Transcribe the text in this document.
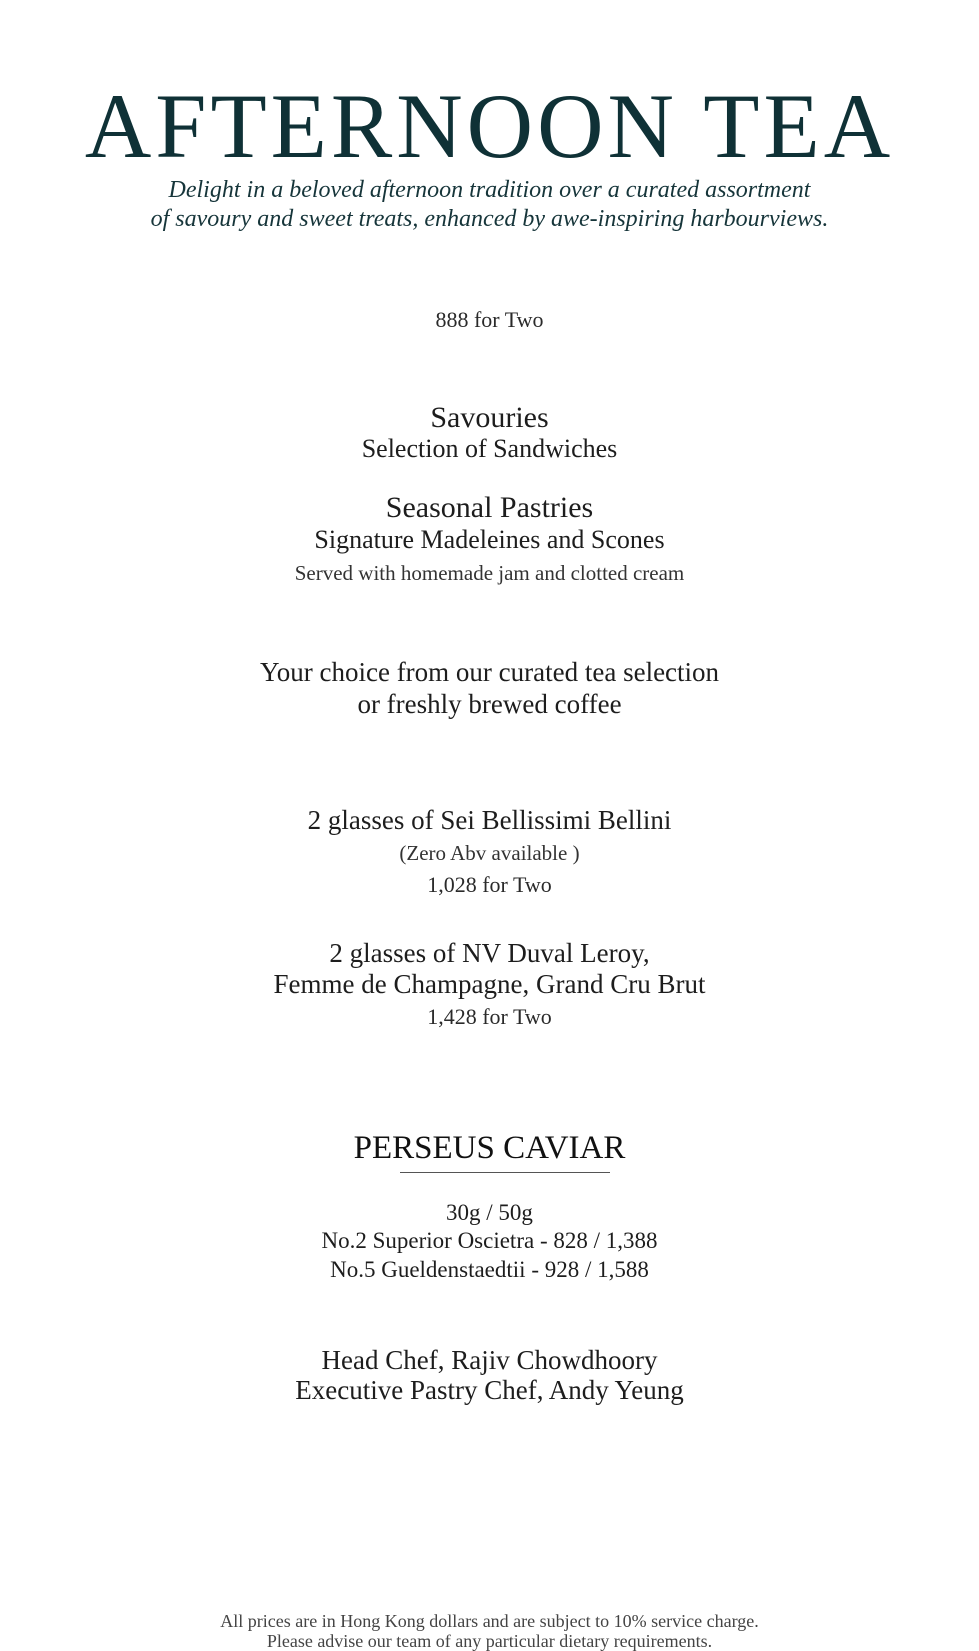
AFTERNOON TEA

Delight in a beloved afternoon tradition over a curated assortment

of savoury and sweet treats, enhanced by awe-inspiring harbourviews.

888 for Two

Savouries

Selection of Sandwiches

Seasonal Pastries

Signature Madeleines and Scones

Served with homemade jam and clotted cream

Your choice from our curated tea selection

or freshly brewed coffee

2 glasses of Sei Bellissimi Bellini

(Zero Abv available )

1,028 for Two

2 glasses of NV Duval Leroy,

Femme de Champagne, Grand Cru Brut

1,428 for Two

PERSEUS CAVIAR

30g / 50g

No.2 Superior Oscietra - 828 / 1,388

No.5 Gueldenstaedtii - 928 / 1,588

Head Chef, Rajiv Chowdhoory

Executive Pastry Chef, Andy Yeung

All prices are in Hong Kong dollars and are subject to 10% service charge.

Please advise our team of any particular dietary requirements.
